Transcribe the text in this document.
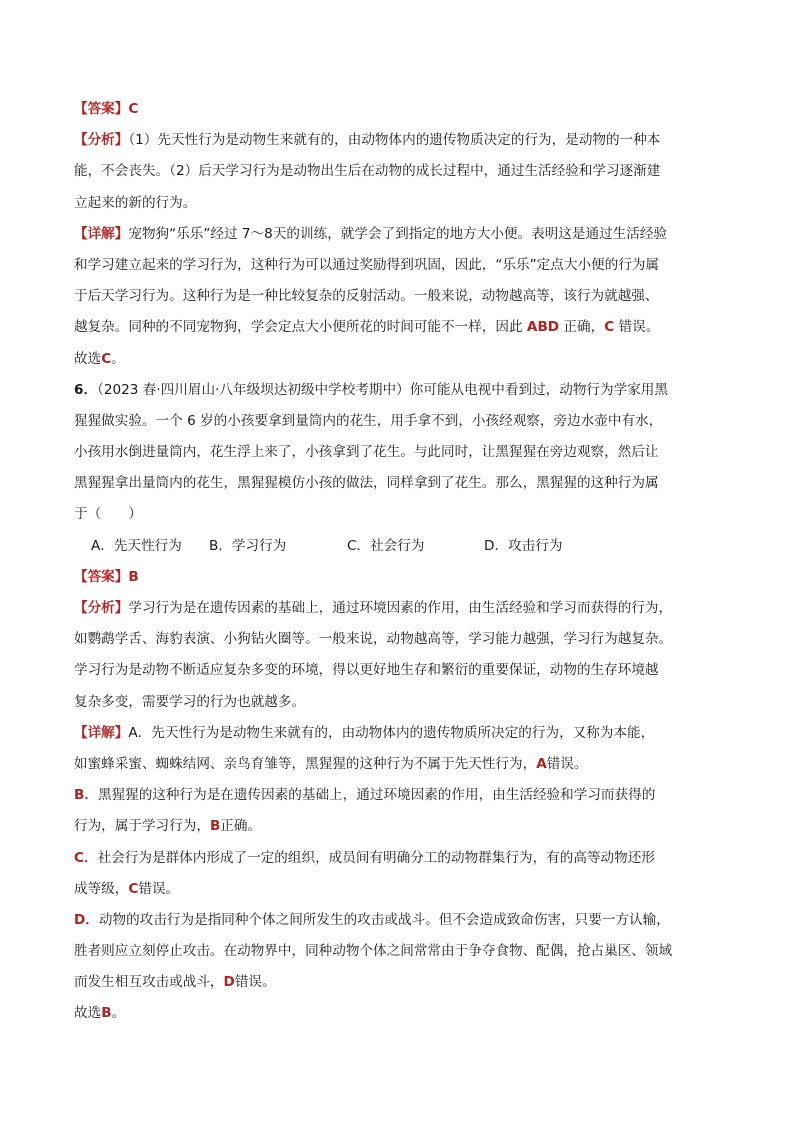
【答案】C

【分析】（1）先天性行为是动物生来就有的，由动物体内的遗传物质决定的行为，是动物的一种本

能，不会丧失。（2）后天学习行为是动物出生后在动物的成长过程中，通过生活经验和学习逐渐建

立起来的新的行为。

【详解】宠物狗“乐乐”经过 7～8天的训练，就学会了到指定的地方大小便。表明这是通过生活经验

和学习建立起来的学习行为，这种行为可以通过奖励得到巩固，因此，“乐乐”定点大小便的行为属

于后天学习行为。这种行为是一种比较复杂的反射活动。一般来说，动物越高等，该行为就越强、

越复杂。同种的不同宠物狗，学会定点大小便所花的时间可能不一样，因此 ABD 正确，C 错误。

故选C。

6．（2023 春·四川眉山·八年级坝达初级中学校考期中）你可能从电视中看到过，动物行为学家用黑

猩猩做实验。一个 6 岁的小孩要拿到量筒内的花生，用手拿不到，小孩经观察，旁边水壶中有水，

小孩用水倒进量筒内，花生浮上来了，小孩拿到了花生。与此同时，让黑猩猩在旁边观察，然后让

黑猩猩拿出量筒内的花生，黑猩猩模仿小孩的做法，同样拿到了花生。那么，黑猩猩的这种行为属

于（　　）

A．先天性行为 B．学习行为	C．社会行为	D．攻击行为

【答案】B

【分析】学习行为是在遗传因素的基础上，通过环境因素的作用，由生活经验和学习而获得的行为，

如鹦鹉学舌、海豹表演、小狗钻火圈等。一般来说，动物越高等，学习能力越强，学习行为越复杂。

学习行为是动物不断适应复杂多变的环境，得以更好地生存和繁衍的重要保证，动物的生存环境越

复杂多变，需要学习的行为也就越多。

【详解】A．先天性行为是动物生来就有的，由动物体内的遗传物质所决定的行为，又称为本能，

如蜜蜂采蜜、蜘蛛结网、亲鸟育雏等，黑猩猩的这种行为不属于先天性行为，A错误。

B．黑猩猩的这种行为是在遗传因素的基础上，通过环境因素的作用，由生活经验和学习而获得的

行为，属于学习行为，B正确。

C．社会行为是群体内形成了一定的组织，成员间有明确分工的动物群集行为，有的高等动物还形

成等级，C错误。

D．动物的攻击行为是指同种个体之间所发生的攻击或战斗。但不会造成致命伤害，只要一方认输，

胜者则应立刻停止攻击。在动物界中，同种动物个体之间常常由于争夺食物、配偶，抢占巢区、领域

而发生相互攻击或战斗，D错误。

故选B。
